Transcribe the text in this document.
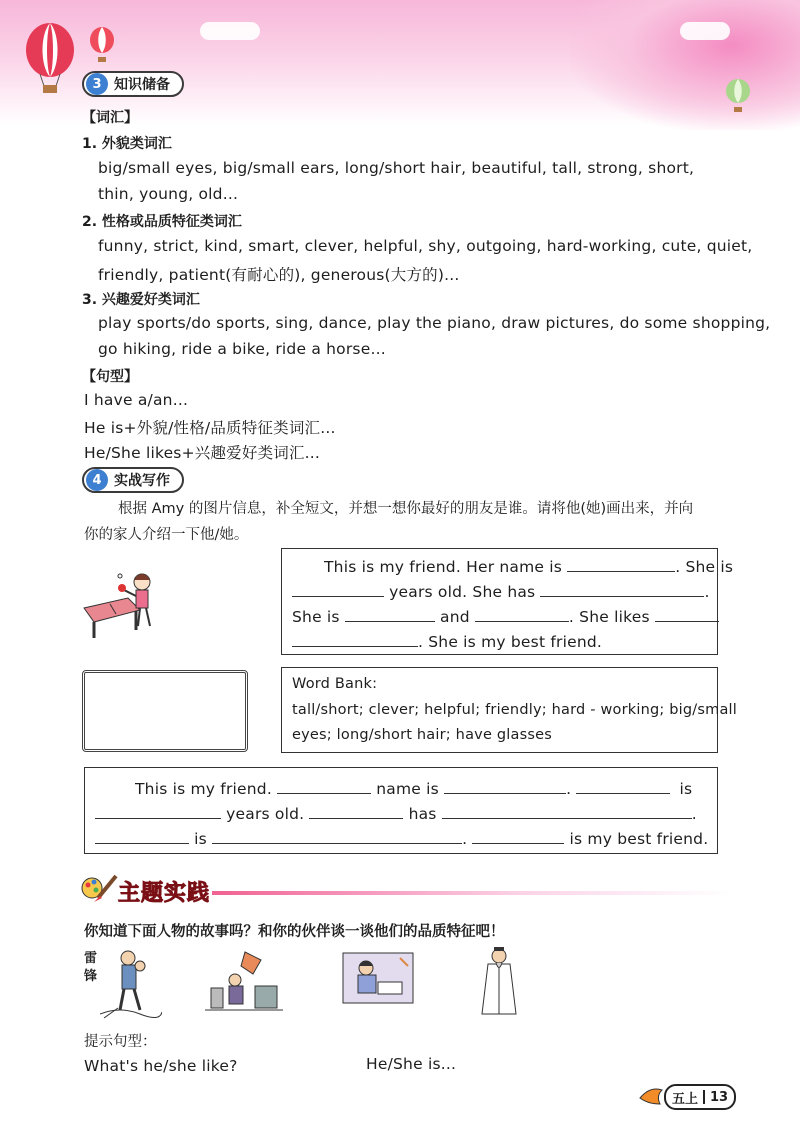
3 知识储备
【词汇】
1. 外貌类词汇
big/small eyes, big/small ears, long/short hair, beautiful, tall, strong, short,
thin, young, old...
2. 性格或品质特征类词汇
funny, strict, kind, smart, clever, helpful, shy, outgoing, hard-working, cute, quiet,
friendly, patient(有耐心的), generous(大方的)...
3. 兴趣爱好类词汇
play sports/do sports, sing, dance, play the piano, draw pictures, do some shopping,
go hiking, ride a bike, ride a horse...
【句型】
I have a/an...
He is+外貌/性格/品质特征类词汇...
He/She likes+兴趣爱好类词汇...
4 实战写作
根据 Amy 的图片信息，补全短文，并想一想你最好的朋友是谁。请将他(她)画出来，并向
你的家人介绍一下他/她。
This is my friend. Her name is	. She is
years old. She has	.
She is	and	. She likes
. She is my best friend.
Word Bank:
tall/short; clever; helpful; friendly; hard - working; big/small
eyes; long/short hair; have glasses
This is my friend.	name is	.	is
years old.	has	.
is	.	is my best friend.
主题实践
你知道下面人物的故事吗？和你的伙伴谈一谈他们的品质特征吧！
雷锋
提示句型：
What's he/she like?	He/She is...
五上 13
